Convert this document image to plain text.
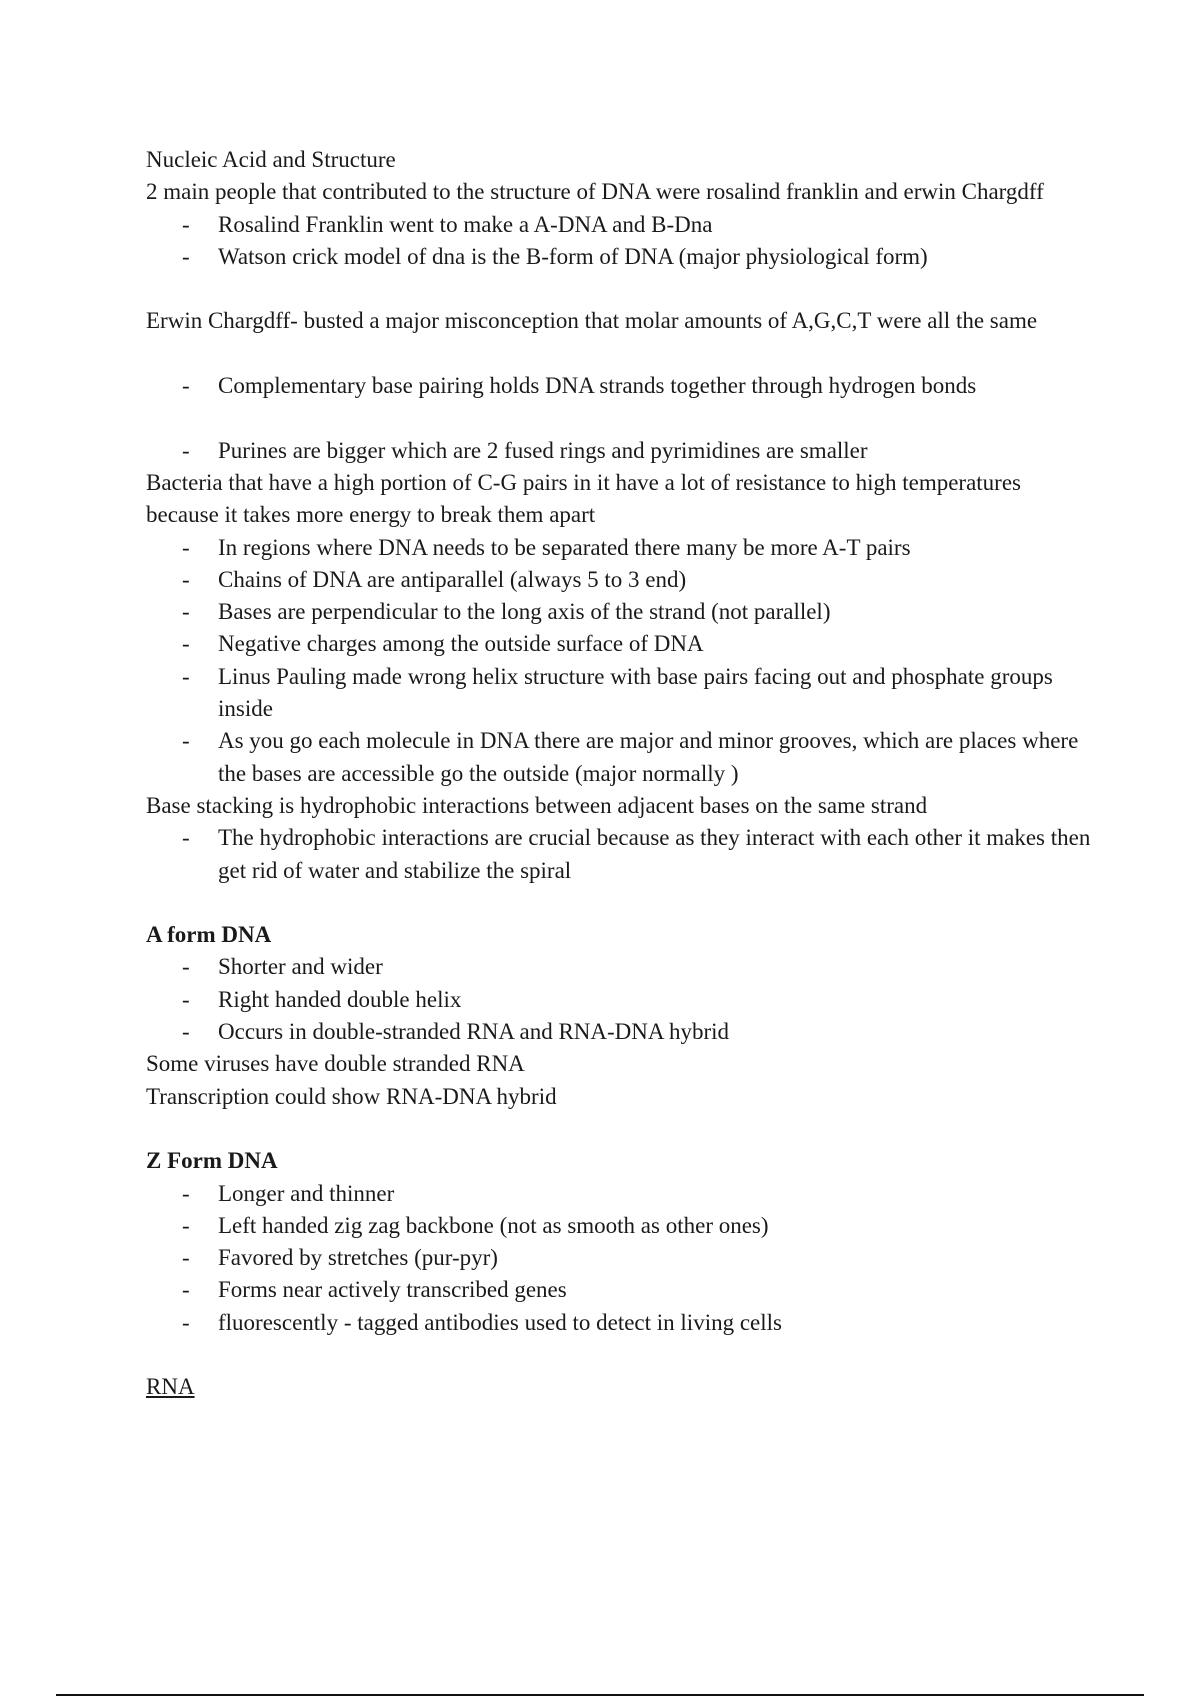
Nucleic Acid and Structure

2 main people that contributed to the structure of DNA were rosalind franklin and erwin Chargdff

- Rosalind Franklin went to make a A-DNA and B-Dna
- Watson crick model of dna is the B-form of DNA (major physiological form)

Erwin Chargdff- busted a major misconception that molar amounts of A,G,C,T were all the same

- Complementary base pairing holds DNA strands together through hydrogen bonds
- Purines are bigger which are 2 fused rings and pyrimidines are smaller

Bacteria that have a high portion of C-G pairs in it have a lot of resistance to high temperatures because it takes more energy to break them apart

- In regions where DNA needs to be separated there many be more A-T pairs
- Chains of DNA are antiparallel (always 5 to 3 end)
- Bases are perpendicular to the long axis of the strand (not parallel)
- Negative charges among the outside surface of DNA
- Linus Pauling made wrong helix structure with base pairs facing out and phosphate groups inside
- As you go each molecule in DNA there are major and minor grooves, which are places where the bases are accessible go the outside (major normally )

Base stacking is hydrophobic interactions between adjacent bases on the same strand

- The hydrophobic interactions are crucial because as they interact with each other it makes then get rid of water and stabilize the spiral

A form DNA

- Shorter and wider
- Right handed double helix
- Occurs in double-stranded RNA and RNA-DNA hybrid

Some viruses have double stranded RNA

Transcription could show RNA-DNA hybrid

Z Form DNA

- Longer and thinner
- Left handed zig zag backbone (not as smooth as other ones)
- Favored by stretches (pur-pyr)
- Forms near actively transcribed genes
- fluorescently - tagged antibodies used to detect in living cells

RNA
